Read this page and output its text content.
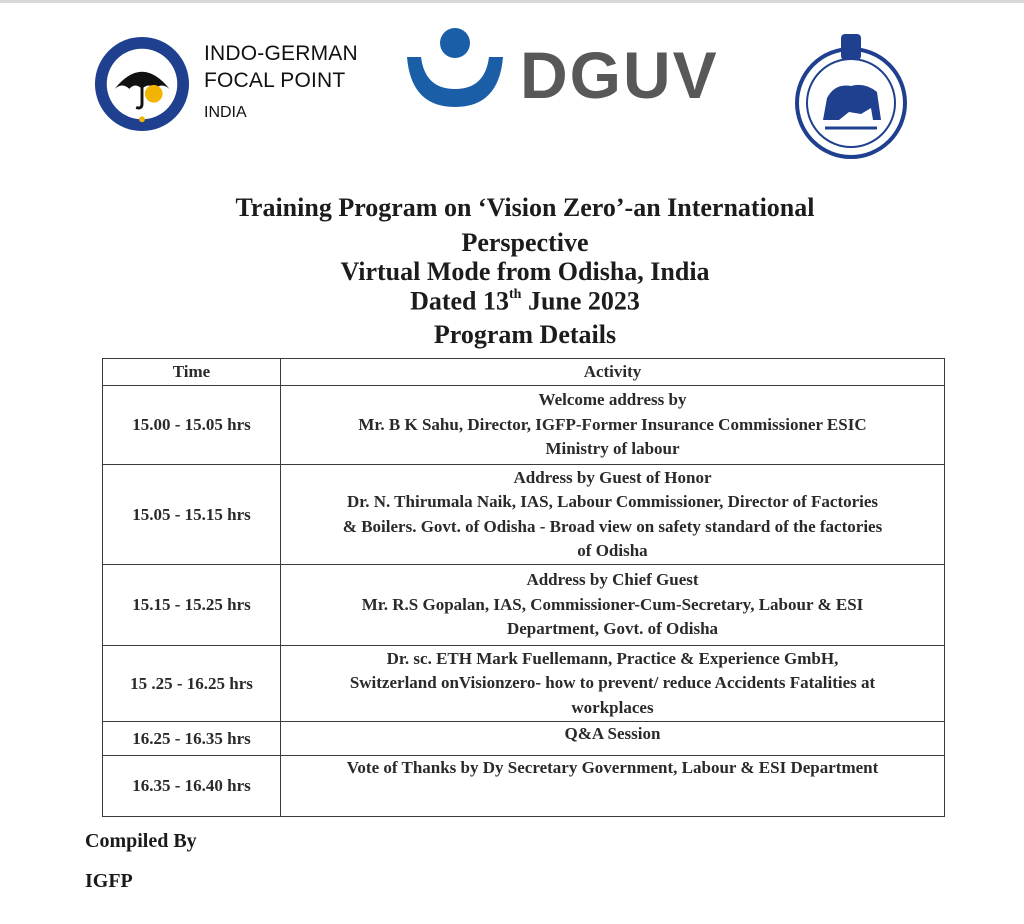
INDO-GERMAN
FOCAL POINT
INDIA
DGUV
Training Program on ‘Vision Zero’-an International
Perspective
Virtual Mode from Odisha, India
Dated 13th June 2023
Program Details
Time	Activity
15.00 - 15.05 hrs	Welcome address by
Mr. B K Sahu, Director, IGFP-Former Insurance Commissioner ESIC
Ministry of labour

15.05 - 15.15 hrs	Address by Guest of Honor
Dr. N. Thirumala Naik, IAS, Labour Commissioner, Director of Factories
& Boilers. Govt. of Odisha - Broad view on safety standard of the factories
of Odisha

15.15 - 15.25 hrs	Address by Chief Guest
Mr. R.S Gopalan, IAS, Commissioner-Cum-Secretary, Labour & ESI
Department, Govt. of Odisha

15 .25 - 16.25 hrs	Dr. sc. ETH Mark Fuellemann, Practice & Experience GmbH,
Switzerland onVisionzero- how to prevent/ reduce Accidents Fatalities at
workplaces

16.25 - 16.35 hrs	Q&A Session

16.35 - 16.40 hrs	Vote of Thanks by Dy Secretary Government, Labour & ESI Department
Compiled By
IGFP
